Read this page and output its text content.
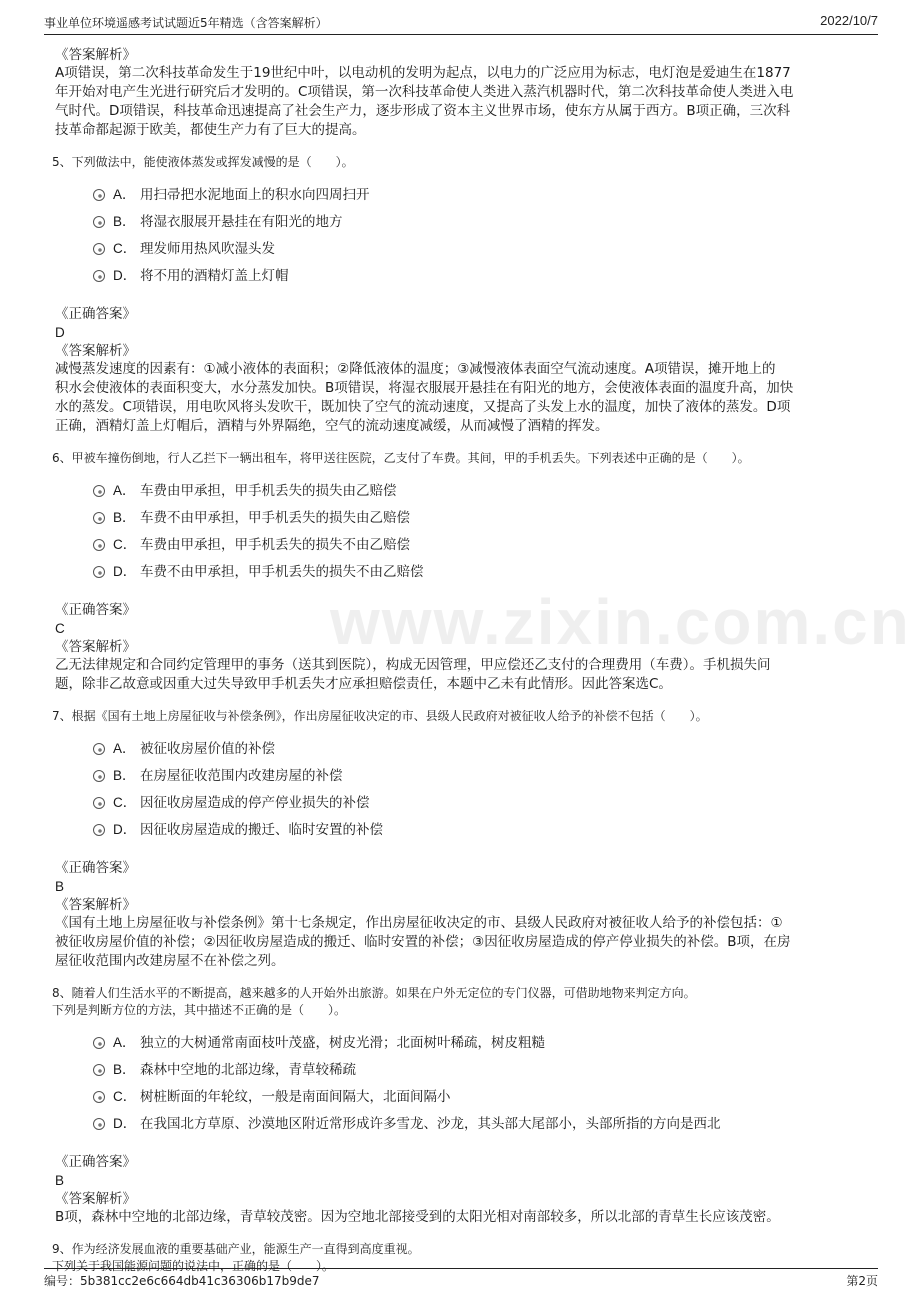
事业单位环境遥感考试试题近5年精选（含答案解析）	2022/10/7
www.zixin.com.cn
《答案解析》

A项错误，第二次科技革命发生于19世纪中叶，以电动机的发明为起点，以电力的广泛应用为标志，电灯泡是爱迪生在1877

年开始对电产生光进行研究后才发明的。C项错误，第一次科技革命使人类进入蒸汽机器时代，第二次科技革命使人类进入电

气时代。D项错误，科技革命迅速提高了社会生产力，逐步形成了资本主义世界市场，使东方从属于西方。B项正确，三次科

技革命都起源于欧美，都使生产力有了巨大的提高。

5、下列做法中，能使液体蒸发或挥发减慢的是（　　）。
A． 用扫帚把水泥地面上的积水向四周扫开
B． 将湿衣服展开悬挂在有阳光的地方
C． 理发师用热风吹湿头发
D． 将不用的酒精灯盖上灯帽
《正确答案》
D
《答案解析》

减慢蒸发速度的因素有：①减小液体的表面积；②降低液体的温度；③减慢液体表面空气流动速度。A项错误，摊开地上的

积水会使液体的表面积变大，水分蒸发加快。B项错误，将湿衣服展开悬挂在有阳光的地方，会使液体表面的温度升高，加快

水的蒸发。C项错误，用电吹风将头发吹干，既加快了空气的流动速度，又提高了头发上水的温度，加快了液体的蒸发。D项

正确，酒精灯盖上灯帽后，酒精与外界隔绝，空气的流动速度减缓，从而减慢了酒精的挥发。

6、甲被车撞伤倒地，行人乙拦下一辆出租车，将甲送往医院，乙支付了车费。其间，甲的手机丢失。下列表述中正确的是（　　）。
A． 车费由甲承担，甲手机丢失的损失由乙赔偿
B． 车费不由甲承担，甲手机丢失的损失由乙赔偿
C． 车费由甲承担，甲手机丢失的损失不由乙赔偿
D． 车费不由甲承担，甲手机丢失的损失不由乙赔偿
《正确答案》
C
《答案解析》

乙无法律规定和合同约定管理甲的事务（送其到医院），构成无因管理，甲应偿还乙支付的合理费用（车费）。手机损失问

题，除非乙故意或因重大过失导致甲手机丢失才应承担赔偿责任，本题中乙未有此情形。因此答案选C。

7、根据《国有土地上房屋征收与补偿条例》，作出房屋征收决定的市、县级人民政府对被征收人给予的补偿不包括（　　）。
A． 被征收房屋价值的补偿
B． 在房屋征收范围内改建房屋的补偿
C． 因征收房屋造成的停产停业损失的补偿
D． 因征收房屋造成的搬迁、临时安置的补偿
《正确答案》
B
《答案解析》

《国有土地上房屋征收与补偿条例》第十七条规定，作出房屋征收决定的市、县级人民政府对被征收人给予的补偿包括：①

被征收房屋价值的补偿；②因征收房屋造成的搬迁、临时安置的补偿；③因征收房屋造成的停产停业损失的补偿。B项，在房

屋征收范围内改建房屋不在补偿之列。

8、随着人们生活水平的不断提高，越来越多的人开始外出旅游。如果在户外无定位的专门仪器，可借助地物来判定方向。
下列是判断方位的方法，其中描述不正确的是（　　）。
A． 独立的大树通常南面枝叶茂盛，树皮光滑；北面树叶稀疏，树皮粗糙
B． 森林中空地的北部边缘，青草较稀疏
C． 树桩断面的年轮纹，一般是南面间隔大，北面间隔小
D． 在我国北方草原、沙漠地区附近常形成许多雪龙、沙龙，其头部大尾部小，头部所指的方向是西北
《正确答案》
B
《答案解析》

B项，森林中空地的北部边缘，青草较茂密。因为空地北部接受到的太阳光相对南部较多，所以北部的青草生长应该茂密。

9、作为经济发展血液的重要基础产业，能源生产一直得到高度重视。
下列关于我国能源问题的说法中，正确的是（　　）。
编号：5b381cc2e6c664db41c36306b17b9de7	第2页
